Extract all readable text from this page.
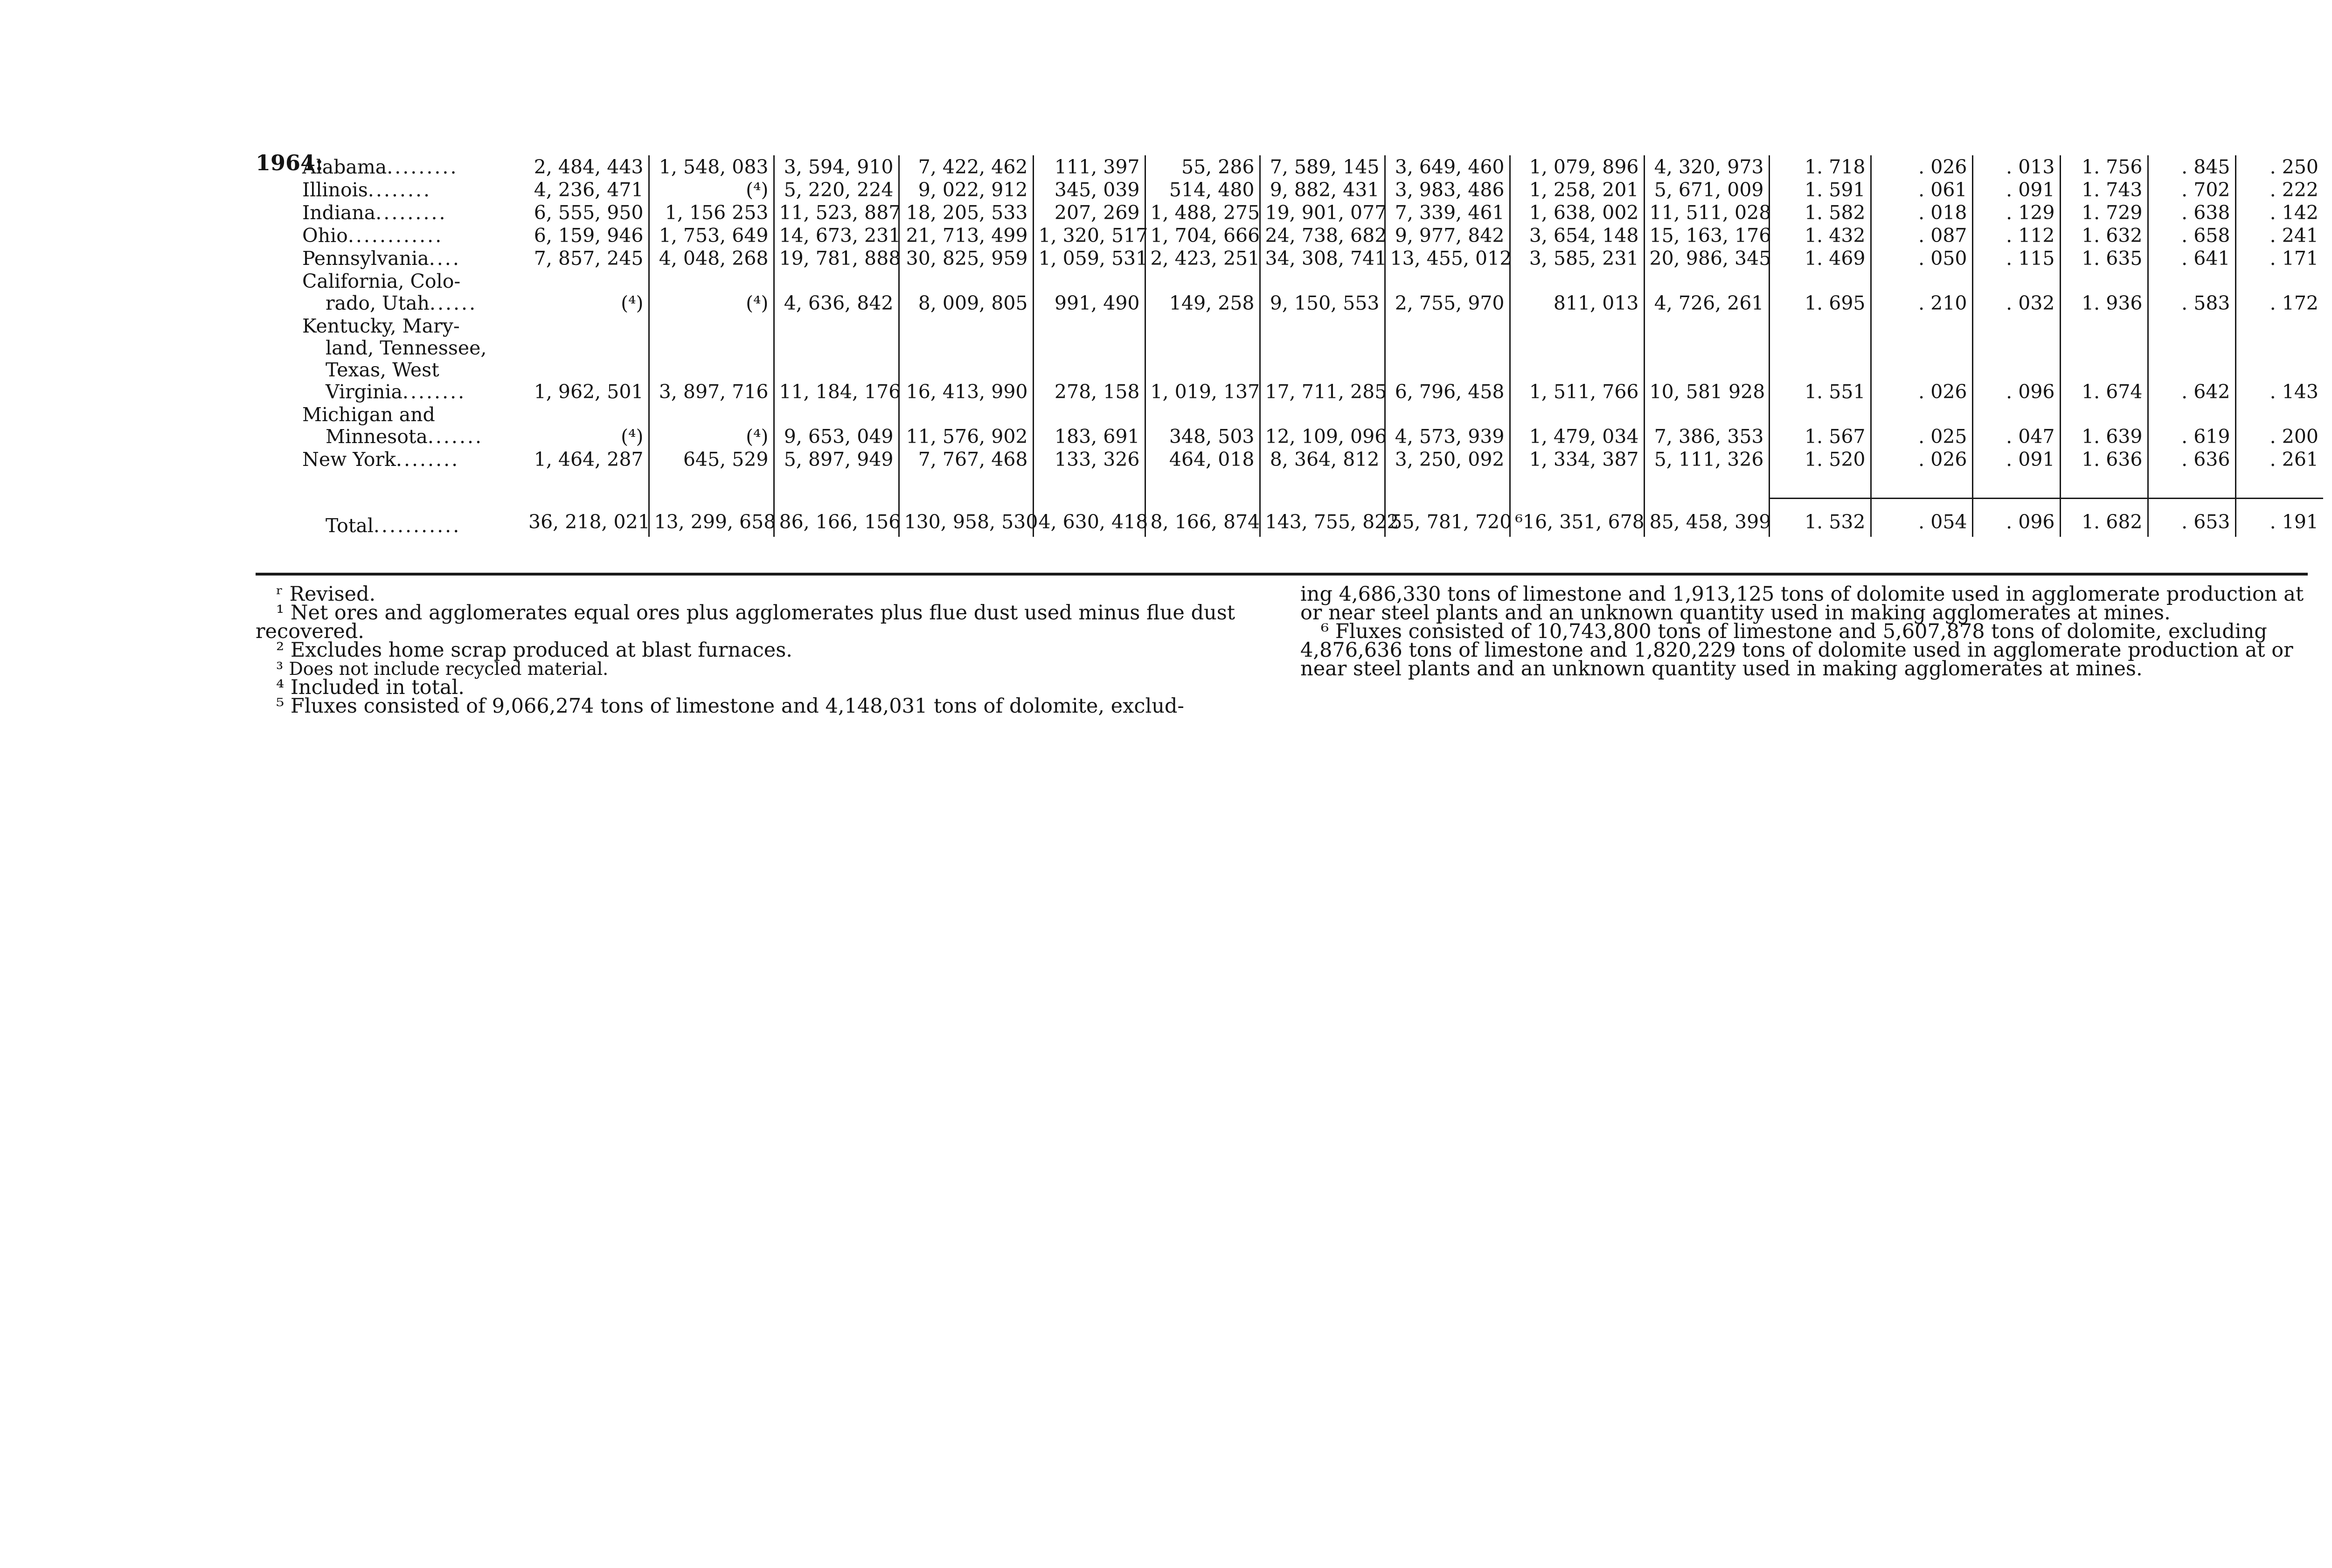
1964:
Alabama.........	2, 484, 443	1, 548, 083	3, 594, 910	7, 422, 462	111, 397	55, 286	7, 589, 145	3, 649, 460	1, 079, 896	4, 320, 973	1. 718	. 026	. 013	1. 756	. 845	. 250

Illinois........	4, 236, 471	(⁴)	5, 220, 224	9, 022, 912	345, 039	514, 480	9, 882, 431	3, 983, 486	1, 258, 201	5, 671, 009	1. 591	. 061	. 091	1. 743	. 702	. 222

Indiana.........	6, 555, 950	1, 156 253	11, 523, 887	18, 205, 533	207, 269	1, 488, 275	19, 901, 077	7, 339, 461	1, 638, 002	11, 511, 028	1. 582	. 018	. 129	1. 729	. 638	. 142

Ohio............	6, 159, 946	1, 753, 649	14, 673, 231	21, 713, 499	1, 320, 517	1, 704, 666	24, 738, 682	9, 977, 842	3, 654, 148	15, 163, 176	1. 432	. 087	. 112	1. 632	. 658	. 241

Pennsylvania....	7, 857, 245	4, 048, 268	19, 781, 888	30, 825, 959	1, 059, 531	2, 423, 251	34, 308, 741	13, 455, 012	3, 585, 231	20, 986, 345	1. 469	. 050	. 115	1. 635	. 641	. 171

California, Colo-
rado, Utah......	(⁴)	(⁴)	4, 636, 842	8, 009, 805	991, 490	149, 258	9, 150, 553	2, 755, 970	811, 013	4, 726, 261	1. 695	. 210	. 032	1. 936	. 583	. 172

Kentucky, Mary-
land, Tennessee,
Texas, West
Virginia........	1, 962, 501	3, 897, 716	11, 184, 176	16, 413, 990	278, 158	1, 019, 137	17, 711, 285	6, 796, 458	1, 511, 766	10, 581 928	1. 551	. 026	. 096	1. 674	. 642	. 143

Michigan and
Minnesota.......	(⁴)	(⁴)	9, 653, 049	11, 576, 902	183, 691	348, 503	12, 109, 096	4, 573, 939	1, 479, 034	7, 386, 353	1. 567	. 025	. 047	1. 639	. 619	. 200

New York........	1, 464, 287	645, 529	5, 897, 949	7, 767, 468	133, 326	464, 018	8, 364, 812	3, 250, 092	1, 334, 387	5, 111, 326	1. 520	. 026	. 091	1. 636	. 636	. 261

Total...........	36, 218, 021	13, 299, 658	86, 166, 156	130, 958, 530	4, 630, 418	8, 166, 874	143, 755, 822	55, 781, 720	⁶16, 351, 678	85, 458, 399	1. 532	. 054	. 096	1. 682	. 653	. 191

ʳ Revised.

¹ Net ores and agglomerates equal ores plus agglomerates plus flue dust used minus flue dust recovered.

² Excludes home scrap produced at blast furnaces.

³ Does not include recycled material.

⁴ Included in total.

⁵ Fluxes consisted of 9,066,274 tons of limestone and 4,148,031 tons of dolomite, exclud-

ing 4,686,330 tons of limestone and 1,913,125 tons of dolomite used in agglomerate production at or near steel plants and an unknown quantity used in making agglomerates at mines.

⁶ Fluxes consisted of 10,743,800 tons of limestone and 5,607,878 tons of dolomite, excluding 4,876,636 tons of limestone and 1,820,229 tons of dolomite used in agglomerate production at or near steel plants and an unknown quantity used in making agglomerates at mines.
